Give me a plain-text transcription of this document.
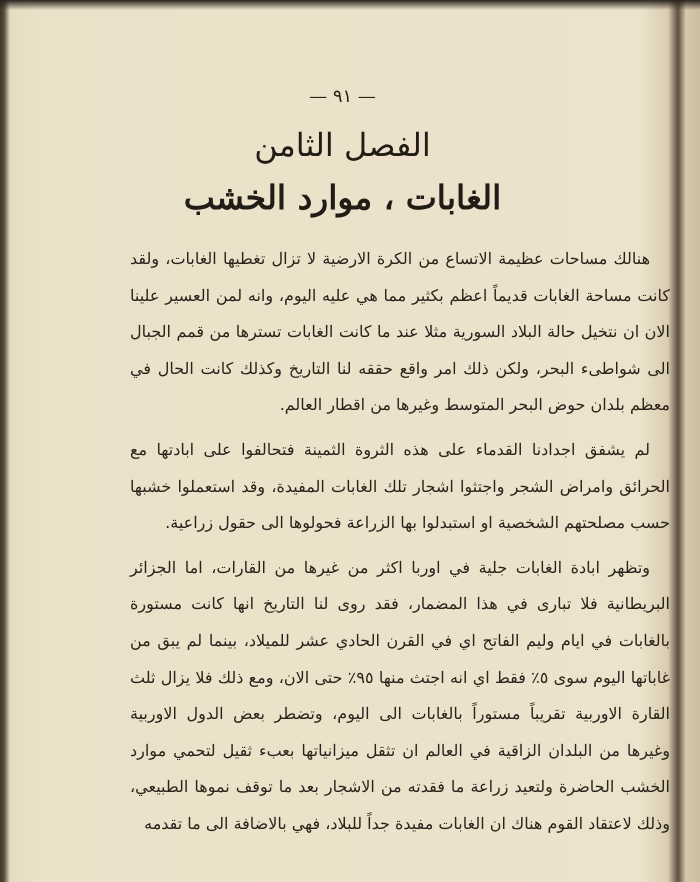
— ٩١ —
الفصل الثامن
الغابات ، موارد الخشب

هنالك مساحات عظيمة الاتساع من الكرة الارضية لا تزال تغطيها الغابات، ولقد كانت مساحة الغابات قديماً اعظم بكثير مما هي عليه اليوم، وانه لمن العسير علينا الان ان نتخيل حالة البلاد السورية مثلا عند ما كانت الغابات تسترها من قمم الجبال الى شواطىء البحر، ولكن ذلك امر واقع حققه لنا التاريخ وكذلك كانت الحال في معظم بلدان حوض البحر المتوسط وغيرها من اقطار العالم.

لم يشفق اجدادنا القدماء على هذه الثروة الثمينة فتحالفوا على ابادتها مع الحرائق وامراض الشجر واجتثوا اشجار تلك الغابات المفيدة، وقد استعملوا خشبها حسب مصلحتهم الشخصية او استبدلوا بها الزراعة فحولوها الى حقول زراعية.

وتظهر ابادة الغابات جلية في اوربا اكثر من غيرها من القارات، اما الجزائر البريطانية فلا تبارى في هذا المضمار، فقد روى لنا التاريخ انها كانت مستورة بالغابات في ايام وليم الفاتح اي في القرن الحادي عشر للميلاد، بينما لم يبق من غاباتها اليوم سوى ٥٪ فقط اي انه اجتث منها ٩٥٪ حتى الان، ومع ذلك فلا يزال ثلث القارة الاوربية تقريباً مستوراً بالغابات الى اليوم، وتضطر بعض الدول الاوربية وغيرها من البلدان الزاقية في العالم ان تثقل ميزانياتها بعبء ثقيل لتحمي موارد الخشب الحاضرة ولتعيد زراعة ما فقدته من الاشجار بعد ما توقف نموها الطبيعي، وذلك لاعتقاد القوم هناك ان الغابات مفيدة جداً للبلاد، فهي بالاضافة الى ما تقدمه
